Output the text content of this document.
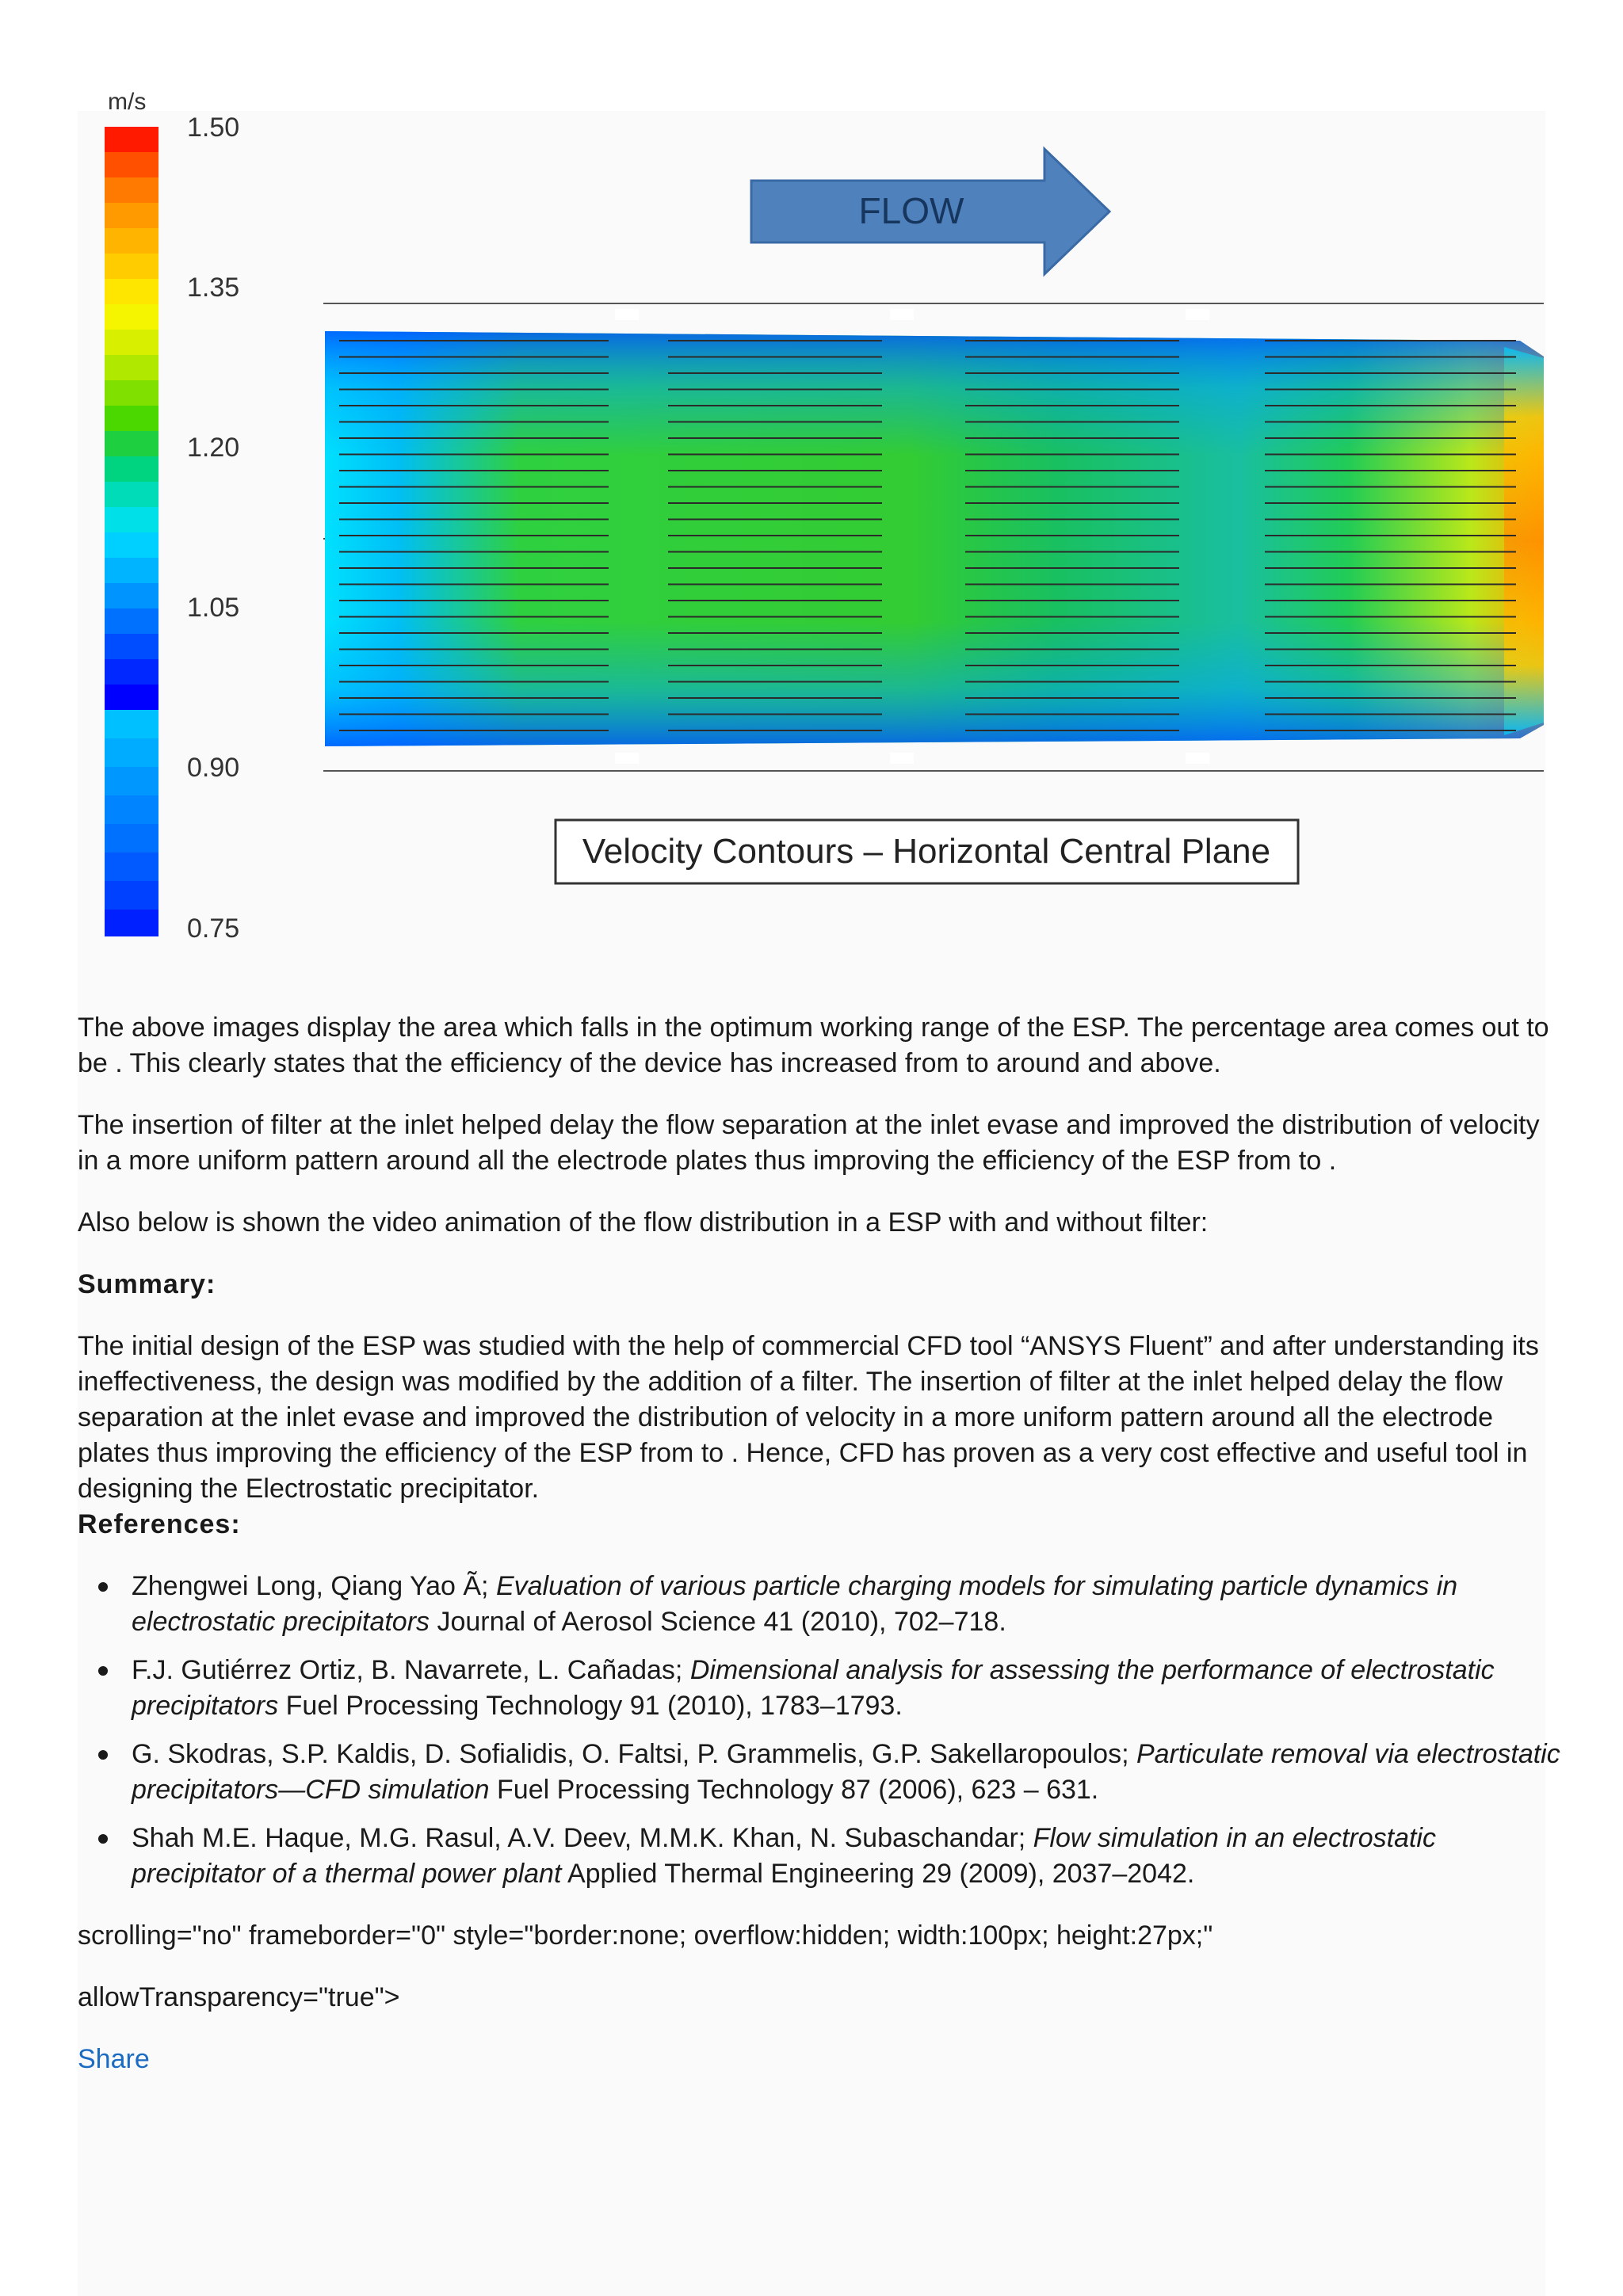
m/s
1.50
1.35
1.20
1.05
0.90
0.75
FLOW
Velocity Contours – Horizontal Central Plane

The above images display the area which falls in the optimum working range of the ESP. The percentage area comes out to be . This clearly states that the efficiency of the device has increased from to around and above.

The insertion of filter at the inlet helped delay the flow separation at the inlet evase and improved the distribution of velocity in a more uniform pattern around all the electrode plates thus improving the efficiency of the ESP from to .

Also below is shown the video animation of the flow distribution in a ESP with and without filter:

Summary:

The initial design of the ESP was studied with the help of commercial CFD tool “ANSYS Fluent” and after understanding its ineffectiveness, the design was modified by the addition of a filter. The insertion of filter at the inlet helped delay the flow separation at the inlet evase and improved the distribution of velocity in a more uniform pattern around all the electrode plates thus improving the efficiency of the ESP from to . Hence, CFD has proven as a very cost effective and useful tool in designing the Electrostatic precipitator.

References:
Zhengwei Long, Qiang Yao Ã; Evaluation of various particle charging models for simulating particle dynamics in electrostatic precipitators Journal of Aerosol Science 41 (2010), 702–718.
F.J. Gutiérrez Ortiz, B. Navarrete, L. Cañadas; Dimensional analysis for assessing the performance of electrostatic precipitators Fuel Processing Technology 91 (2010), 1783–1793.
G. Skodras, S.P. Kaldis, D. Sofialidis, O. Faltsi, P. Grammelis, G.P. Sakellaropoulos; Particulate removal via electrostatic precipitators—CFD simulation Fuel Processing Technology 87 (2006), 623 – 631.
Shah M.E. Haque, M.G. Rasul, A.V. Deev, M.M.K. Khan, N. Subaschandar; Flow simulation in an electrostatic precipitator of a thermal power plant Applied Thermal Engineering 29 (2009), 2037–2042.

scrolling="no" frameborder="0" style="border:none; overflow:hidden; width:100px; height:27px;"

allowTransparency="true">

Share
